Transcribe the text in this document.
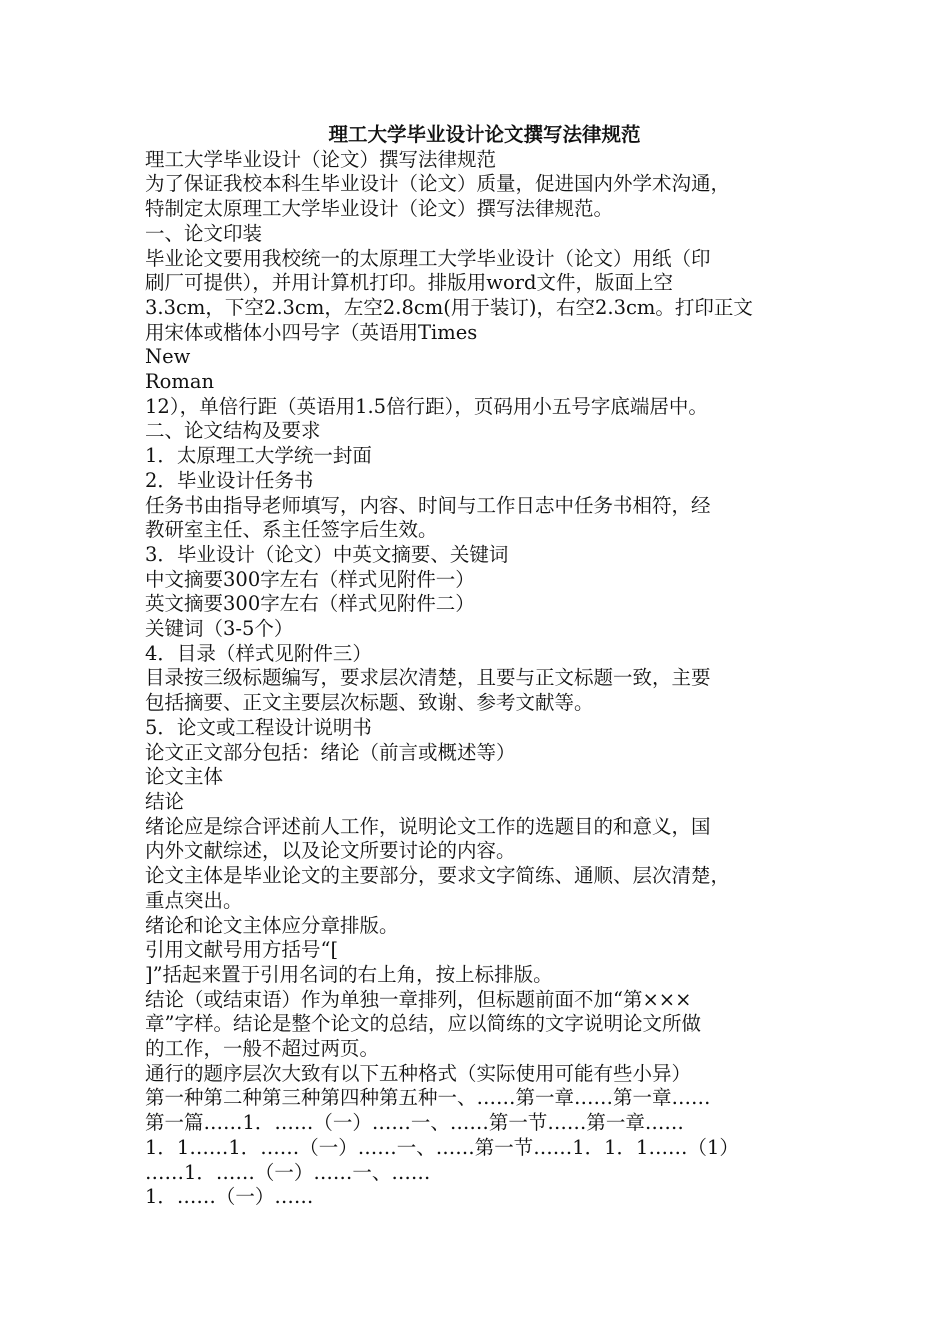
理工大学毕业设计论文撰写法律规范
理工大学毕业设计（论文）撰写法律规范
为了保证我校本科生毕业设计（论文）质量，促进国内外学术沟通，
特制定太原理工大学毕业设计（论文）撰写法律规范。
一、论文印装
毕业论文要用我校统一的太原理工大学毕业设计（论文）用纸（印
刷厂可提供），并用计算机打印。排版用word文件，版面上空
3.3cm，下空2.3cm，左空2.8cm(用于装订)，右空2.3cm。打印正文
用宋体或楷体小四号字（英语用Times
New
Roman
12），单倍行距（英语用1.5倍行距），页码用小五号字底端居中。
二、论文结构及要求
1．太原理工大学统一封面
2．毕业设计任务书
任务书由指导老师填写，内容、时间与工作日志中任务书相符，经
教研室主任、系主任签字后生效。
3．毕业设计（论文）中英文摘要、关键词
中文摘要300字左右（样式见附件一）
英文摘要300字左右（样式见附件二）
关键词（3-5个）
4．目录（样式见附件三）
目录按三级标题编写，要求层次清楚，且要与正文标题一致，主要
包括摘要、正文主要层次标题、致谢、参考文献等。
5．论文或工程设计说明书
论文正文部分包括：绪论（前言或概述等）
论文主体
结论
绪论应是综合评述前人工作，说明论文工作的选题目的和意义，国
内外文献综述，以及论文所要讨论的内容。
论文主体是毕业论文的主要部分，要求文字简练、通顺、层次清楚，
重点突出。
绪论和论文主体应分章排版。
引用文献号用方括号“[
]”括起来置于引用名词的右上角，按上标排版。
结论（或结束语）作为单独一章排列，但标题前面不加“第×××
章”字样。结论是整个论文的总结，应以简练的文字说明论文所做
的工作，一般不超过两页。
通行的题序层次大致有以下五种格式（实际使用可能有些小异）
第一种第二种第三种第四种第五种一、……第一章……第一章……
第一篇……1．……（一）……一、……第一节……第一章……
1．1……1．……（一）……一、……第一节……1．1．1……（1）
……1．……（一）……一、……
1．……（一）……
